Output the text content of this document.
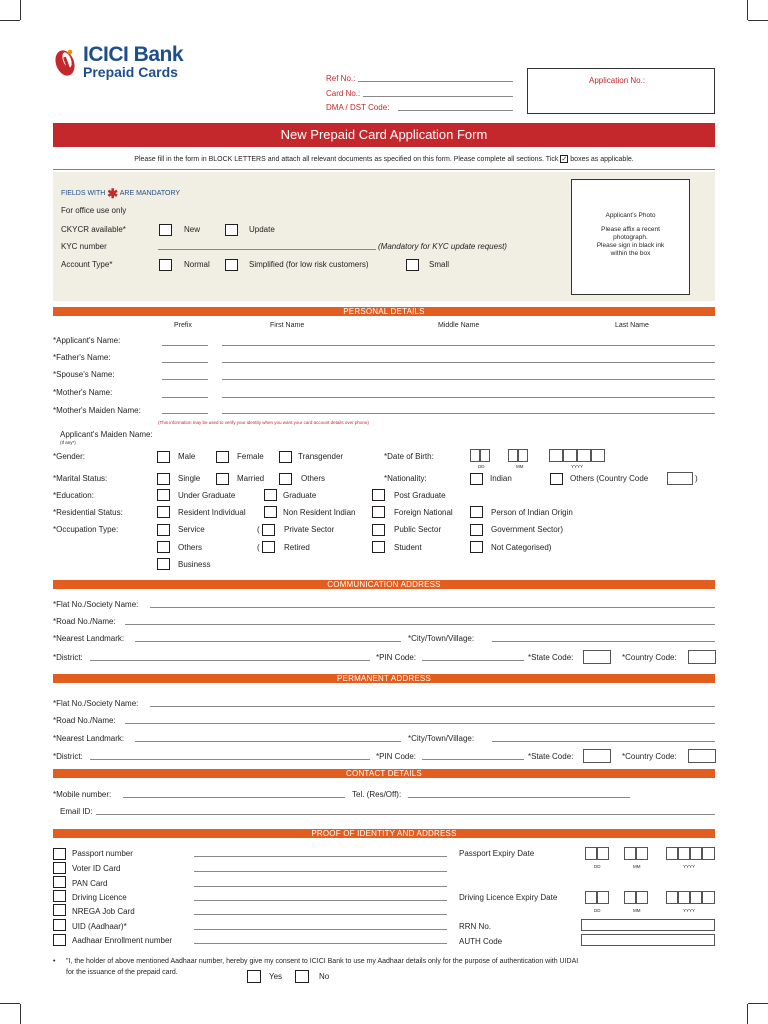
ICICI Bank
Prepaid Cards	Ref No.:
Card No.:
DMA / DST Code:
Application No.:
New Prepaid Card Application Form
Please fill in the form in BLOCK LETTERS and attach all relevant documents as specified on this form. Please complete all sections. Tick ✓ boxes as applicable.
FIELDS WITH ✱ ARE MANDATORY
For office use only
CKYCR available*	New	Update
KYC number	(Mandatory for KYC update request)
Account Type*	Normal	Simplified (for low risk customers)	Small
Applicant's Photo
Please affix a recent
photograph.
Please sign in black ink
within the box
PERSONAL DETAILS
Prefix	First Name	Middle Name	Last Name
*Applicant's Name:
*Father's Name:
*Spouse's Name:
*Mother's Name:
*Mother's Maiden Name:
(This information may be used to verify your identity when you want your card account details over phone)
Applicant's Maiden Name:
(If any*)
*Gender:	Male	Female	Transgender	*Date of Birth:
DD	MM	YYYY
*Marital Status:	Single	Married	Others	*Nationality:	Indian	Others (Country Code	)
*Education:	Under Graduate	Graduate	Post Graduate
*Residential Status:	Resident Individual	Non Resident Indian	Foreign National	Person of Indian Origin
*Occupation Type:	Service	(	Private Sector	Public Sector	Government Sector)
Others	(	Retired	Student	Not Categorised)
Business
COMMUNICATION ADDRESS
*Flat No./Society Name:
*Road No./Name:
*Nearest Landmark:	*City/Town/Village:
*District:	*PIN Code:	*State Code:	*Country Code:
PERMANENT ADDRESS
*Flat No./Society Name:
*Road No./Name:
*Nearest Landmark:	*City/Town/Village:
*District:	*PIN Code:	*State Code:	*Country Code:
CONTACT DETAILS
*Mobile number:	Tel. (Res/Off):
Email ID:
PROOF OF IDENTITY AND ADDRESS
Passport number
Voter ID Card
PAN Card
Driving Licence
NREGA Job Card
UID (Aadhaar)*
Aadhaar Enrollment number
Passport Expiry Date
DD	MM	YYYY
Driving Licence Expiry Date
DD	MM	YYYY
RRN No.
AUTH Code
• "I, the holder of above mentioned Aadhaar number, hereby give my consent to ICICI Bank to use my Aadhaar details only for the purpose of authentication with UIDAI
for the issuance of the prepaid card.	Yes	No
